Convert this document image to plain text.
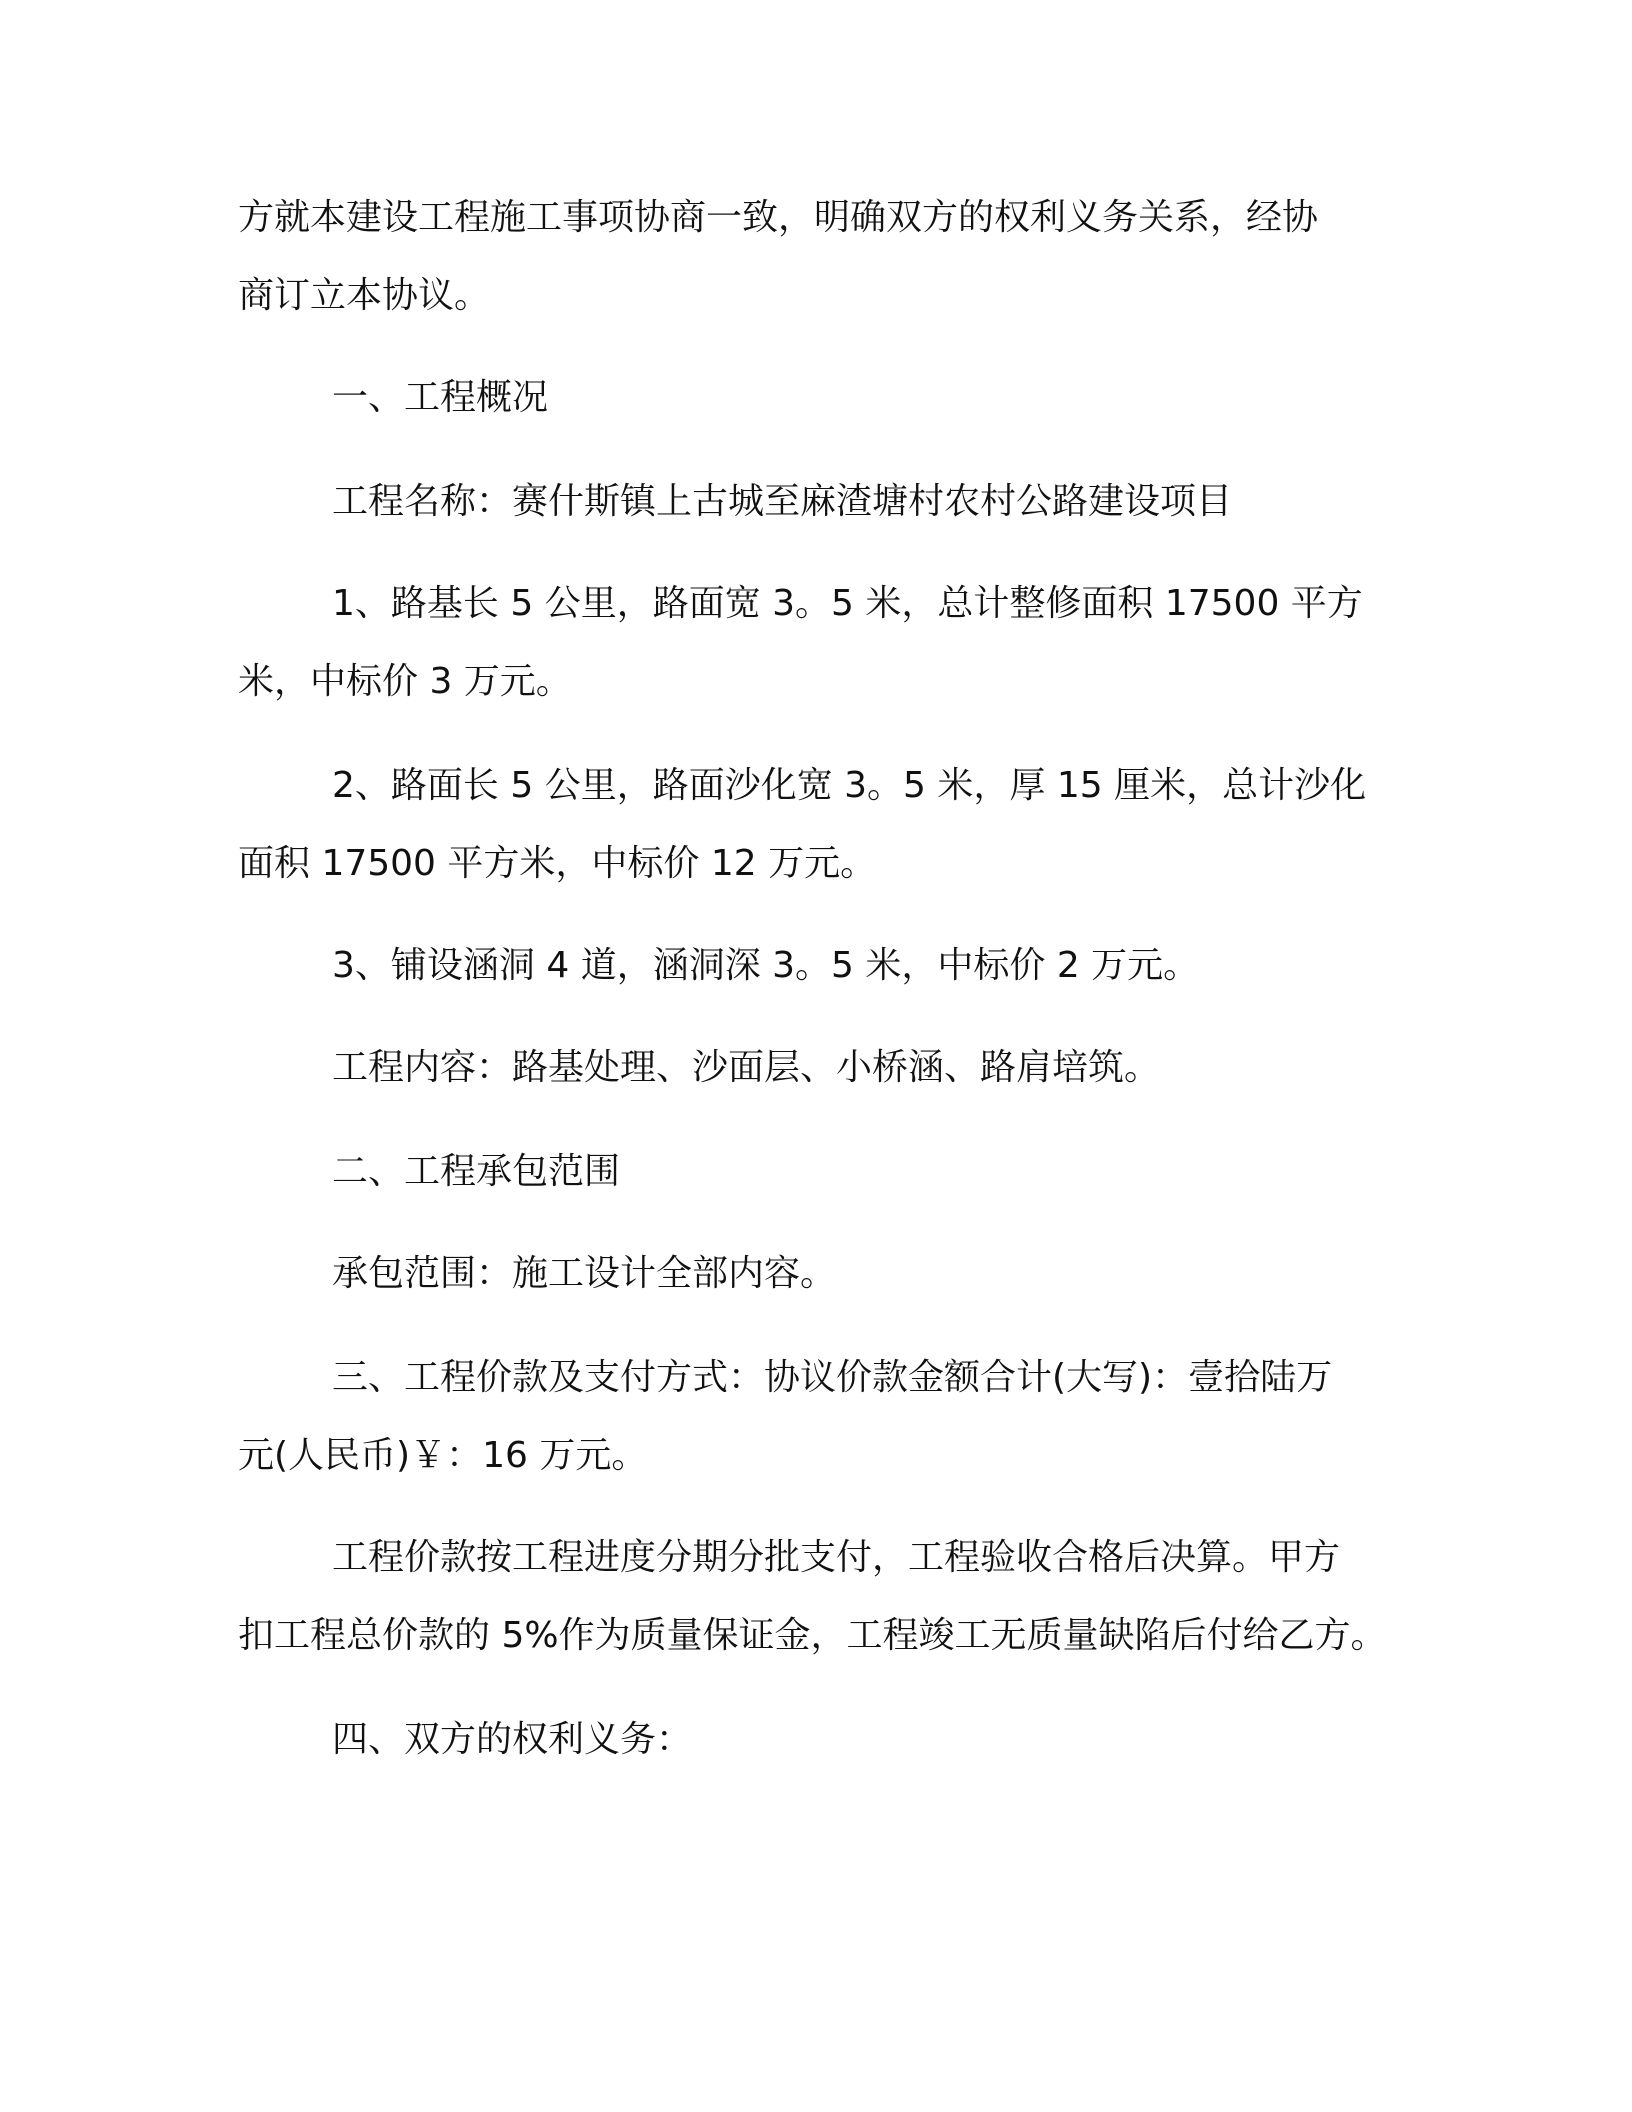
方就本建设工程施工事项协商一致，明确双方的权利义务关系，经协
商订立本协议。
一、工程概况
工程名称：赛什斯镇上古城至麻渣塘村农村公路建设项目
1、路基长 5 公里，路面宽 3。5 米，总计整修面积 17500 平方
米，中标价 3 万元。
2、路面长 5 公里，路面沙化宽 3。5 米，厚 15 厘米，总计沙化
面积 17500 平方米，中标价 12 万元。
3、铺设涵洞 4 道，涵洞深 3。5 米，中标价 2 万元。
工程内容：路基处理、沙面层、小桥涵、路肩培筑。
二、工程承包范围
承包范围：施工设计全部内容。
三、工程价款及支付方式：协议价款金额合计(大写)：壹拾陆万
元(人民币)￥：16 万元。
工程价款按工程进度分期分批支付，工程验收合格后决算。甲方
扣工程总价款的 5%作为质量保证金，工程竣工无质量缺陷后付给乙方。
四、双方的权利义务：
